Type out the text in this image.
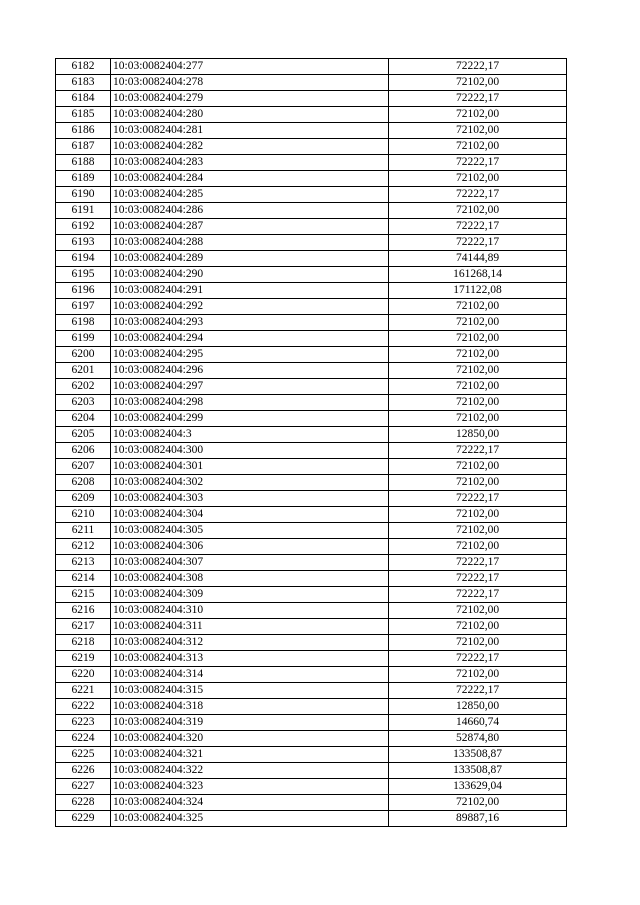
6182	10:03:0082404:277	72222,17
6183	10:03:0082404:278	72102,00
6184	10:03:0082404:279	72222,17
6185	10:03:0082404:280	72102,00
6186	10:03:0082404:281	72102,00
6187	10:03:0082404:282	72102,00
6188	10:03:0082404:283	72222,17
6189	10:03:0082404:284	72102,00
6190	10:03:0082404:285	72222,17
6191	10:03:0082404:286	72102,00
6192	10:03:0082404:287	72222,17
6193	10:03:0082404:288	72222,17
6194	10:03:0082404:289	74144,89
6195	10:03:0082404:290	161268,14
6196	10:03:0082404:291	171122,08
6197	10:03:0082404:292	72102,00
6198	10:03:0082404:293	72102,00
6199	10:03:0082404:294	72102,00
6200	10:03:0082404:295	72102,00
6201	10:03:0082404:296	72102,00
6202	10:03:0082404:297	72102,00
6203	10:03:0082404:298	72102,00
6204	10:03:0082404:299	72102,00
6205	10:03:0082404:3	12850,00
6206	10:03:0082404:300	72222,17
6207	10:03:0082404:301	72102,00
6208	10:03:0082404:302	72102,00
6209	10:03:0082404:303	72222,17
6210	10:03:0082404:304	72102,00
6211	10:03:0082404:305	72102,00
6212	10:03:0082404:306	72102,00
6213	10:03:0082404:307	72222,17
6214	10:03:0082404:308	72222,17
6215	10:03:0082404:309	72222,17
6216	10:03:0082404:310	72102,00
6217	10:03:0082404:311	72102,00
6218	10:03:0082404:312	72102,00
6219	10:03:0082404:313	72222,17
6220	10:03:0082404:314	72102,00
6221	10:03:0082404:315	72222,17
6222	10:03:0082404:318	12850,00
6223	10:03:0082404:319	14660,74
6224	10:03:0082404:320	52874,80
6225	10:03:0082404:321	133508,87
6226	10:03:0082404:322	133508,87
6227	10:03:0082404:323	133629,04
6228	10:03:0082404:324	72102,00
6229	10:03:0082404:325	89887,16
